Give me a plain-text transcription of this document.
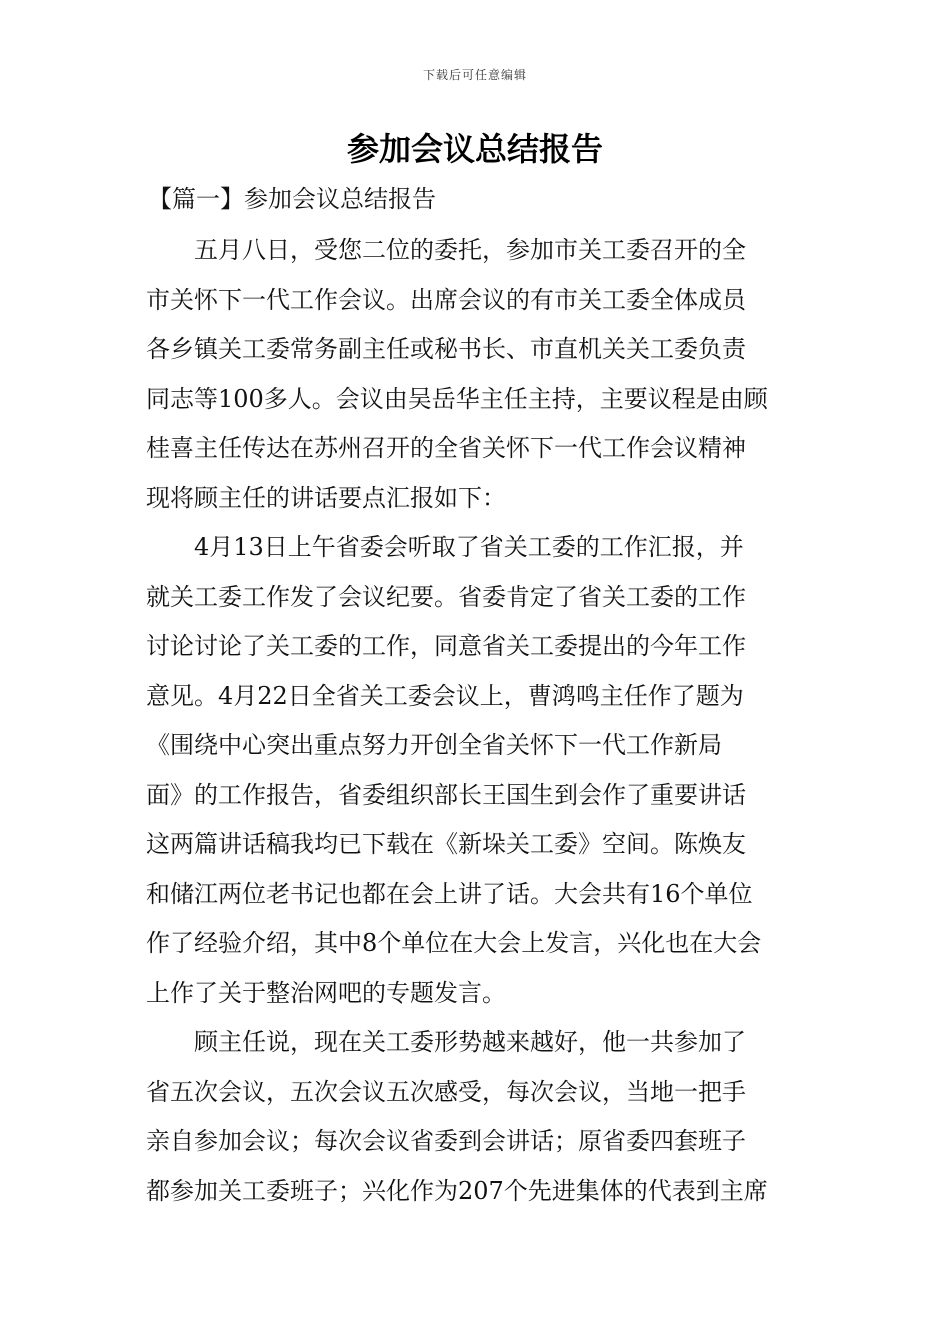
下载后可任意编辑
参加会议总结报告
【篇一】参加会议总结报告

五月八日，受您二位的委托，参加市关工委召开的全
市关怀下一代工作会议。出席会议的有市关工委全体成员
各乡镇关工委常务副主任或秘书长、市直机关关工委负责
同志等100多人。会议由吴岳华主任主持，主要议程是由顾
桂喜主任传达在苏州召开的全省关怀下一代工作会议精神
现将顾主任的讲话要点汇报如下：

4月13日上午省委会听取了省关工委的工作汇报，并
就关工委工作发了会议纪要。省委肯定了省关工委的工作
讨论讨论了关工委的工作，同意省关工委提出的今年工作
意见。4月22日全省关工委会议上，曹鸿鸣主任作了题为
《围绕中心突出重点努力开创全省关怀下一代工作新局
面》的工作报告，省委组织部长王国生到会作了重要讲话
这两篇讲话稿我均已下载在《新垛关工委》空间。陈焕友
和储江两位老书记也都在会上讲了话。大会共有16个单位
作了经验介绍，其中8个单位在大会上发言，兴化也在大会
上作了关于整治网吧的专题发言。

顾主任说，现在关工委形势越来越好，他一共参加了
省五次会议，五次会议五次感受，每次会议，当地一把手
亲自参加会议；每次会议省委到会讲话；原省委四套班子
都参加关工委班子；兴化作为207个先进集体的代表到主席
